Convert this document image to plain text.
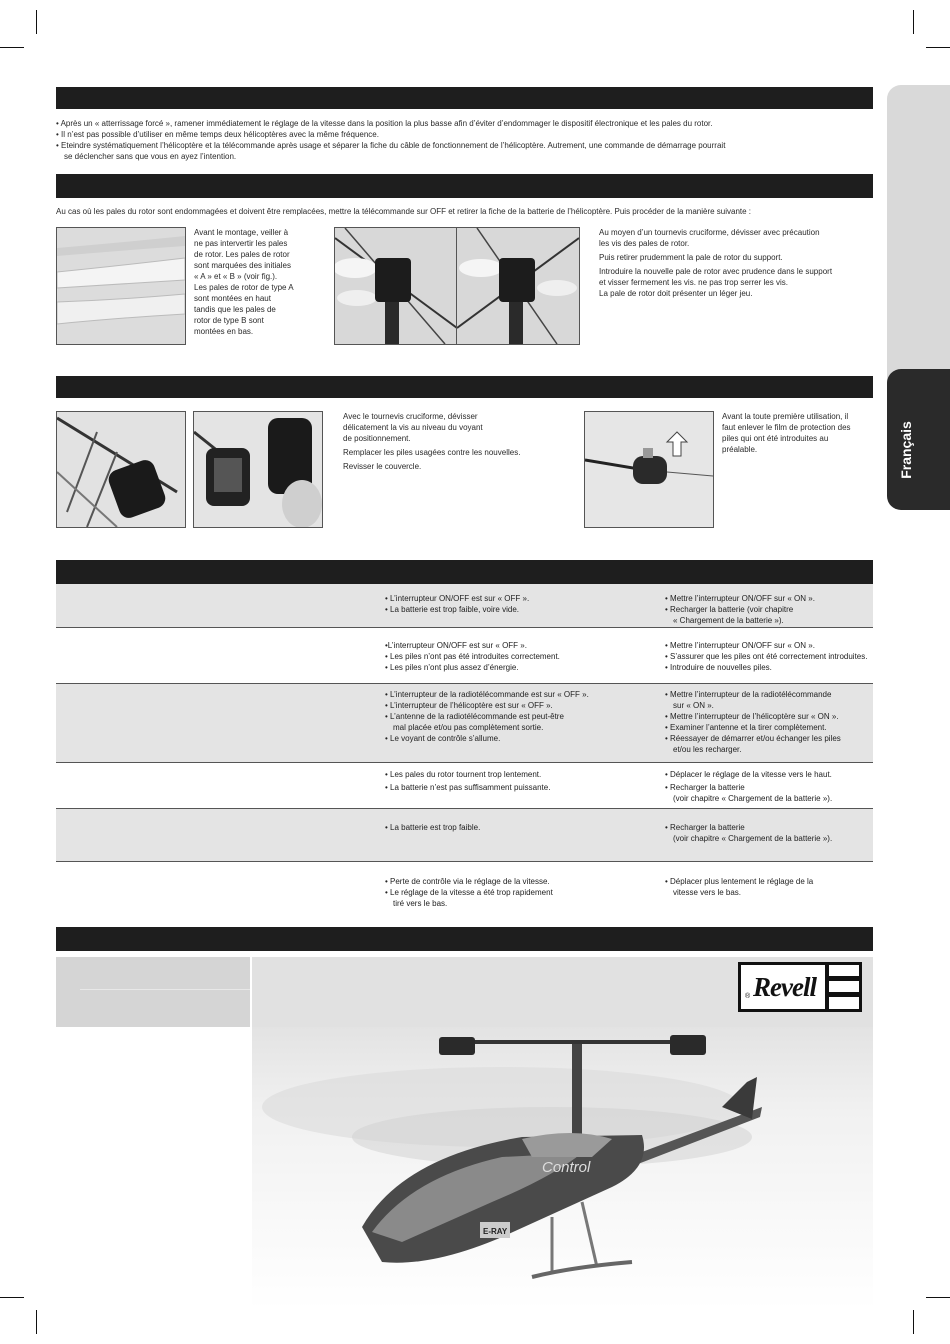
Français

• Après un « atterrissage forcé », ramener immédiatement le réglage de la vitesse dans la position la plus basse afin d’éviter d’endommager le dispositif électronique et les pales du rotor.

• Il n’est pas possible d’utiliser en même temps deux hélicoptères avec la même fréquence.

• Eteindre systématiquement l’hélicoptère et la télécommande après usage et séparer la fiche du câble de fonctionnement de l’hélicoptère. Autrement, une commande de démarrage pourrait

se déclencher sans que vous en ayez l’intention.

Au cas où les pales du rotor sont endommagées et doivent être remplacées, mettre la télécommande sur OFF et retirer la fiche de la batterie de l’hélicoptère. Puis procéder de la manière suivante :

Avant le montage, veiller à

ne pas intervertir les pales

de rotor. Les pales de rotor

sont marquées des initiales

« A » et « B » (voir fig.).

Les pales de rotor de type A

sont montées en haut

tandis que les pales de

rotor de type B sont

montées en bas.

Au moyen d’un tournevis cruciforme, dévisser avec précaution

les vis des pales de rotor.

Puis retirer prudemment la pale de rotor du support.

Introduire la nouvelle pale de rotor avec prudence dans le support

et visser fermement les vis. ne pas trop serrer les vis.

La pale de rotor doit présenter un léger jeu.

Avec le tournevis cruciforme, dévisser

délicatement la vis au niveau du voyant

de positionnement.

Remplacer les piles usagées contre les nouvelles.

Revisser le couvercle.

Avant la toute première utilisation, il

faut enlever le film de protection des

piles qui ont été introduites au

préalable.

• L’interrupteur ON/OFF est sur « OFF ».

• La batterie est trop faible, voire vide.

• Mettre l’interrupteur ON/OFF sur « ON ».

• Recharger la batterie (voir chapitre

« Chargement de la batterie »).

•L’interrupteur ON/OFF est sur « OFF ».

• Les piles n’ont pas été introduites correctement.

• Les piles n’ont plus assez d’énergie.

• Mettre l’interrupteur ON/OFF sur « ON ».

• S’assurer que les piles ont été correctement introduites.

• Introduire de nouvelles piles.

• L’interrupteur de la radiotélécommande est sur « OFF ».

• L’interrupteur de l’hélicoptère est sur « OFF ».

• L’antenne de la radiotélécommande est peut-être

mal placée et/ou pas complètement sortie.

• Le voyant de contrôle s’allume.

• Mettre l’interrupteur de la radiotélécommande

sur « ON ».

• Mettre l’interrupteur de l’hélicoptère sur « ON ».

• Examiner l’antenne et la tirer complètement.

• Réessayer de démarrer et/ou échanger les piles

et/ou les recharger.

• Les pales du rotor tournent trop lentement.

• La batterie n’est pas suffisamment puissante.

• Déplacer le réglage de la vitesse vers le haut.

• Recharger la batterie

(voir chapitre « Chargement de la batterie »).

• La batterie est trop faible.	• Recharger la batterie

(voir chapitre « Chargement de la batterie »).

• Perte de contrôle via le réglage de la vitesse.

• Le réglage de la vitesse a été trop rapidement

tiré vers le bas.

• Déplacer plus lentement le réglage de la

vitesse vers le bas.

® Revell
Control
E-RAY
